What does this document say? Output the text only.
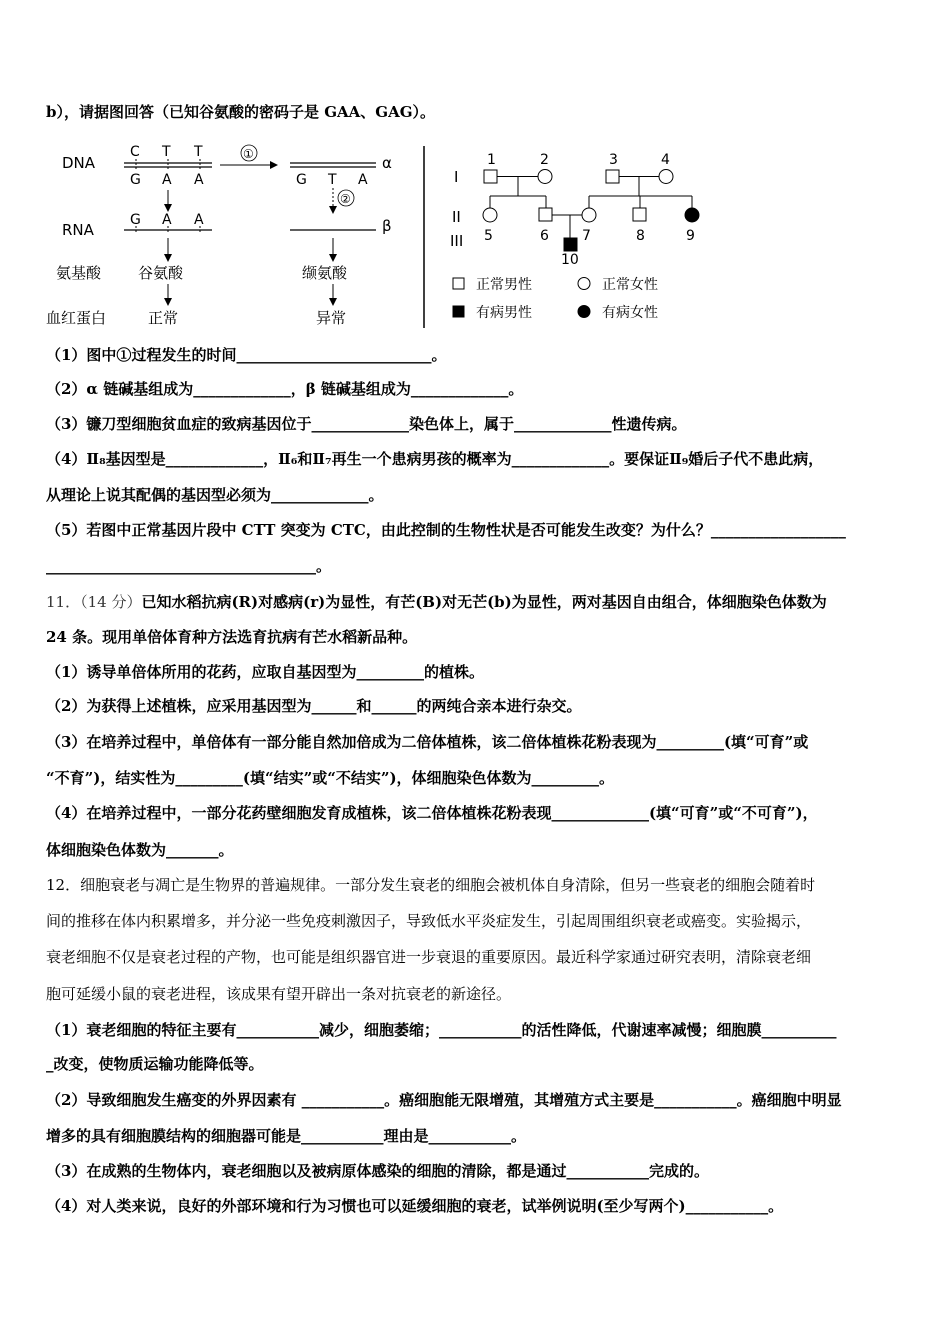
b），请据图回答（已知谷氨酸的密码子是 GAA、GAG）。
DNA
RNA
氨基酸
血红蛋白
C T T
G A A
G A A
谷氨酸
正常
①	α
G T A
②
β
缬氨酸
异常
I
II
III
1	2	3	4
5	6 7	8	9
10
正常男性	正常女性
有病男性	有病女性
（1）图中①过程发生的时间__________________________。
（2）α 链碱基组成为_____________，β 链碱基组成为_____________。
（3）镰刀型细胞贫血症的致病基因位于_____________染色体上，属于_____________性遗传病。
（4）Ⅱ₈基因型是_____________，Ⅱ₆和Ⅱ₇再生一个患病男孩的概率为_____________。要保证Ⅱ₉婚后子代不患此病，
从理论上说其配偶的基因型必须为_____________。
（5）若图中正常基因片段中 CTT 突变为 CTC，由此控制的生物性状是否可能发生改变？为什么？__________________
____________________________________。
11．（14 分）已知水稻抗病(R)对感病(r)为显性，有芒(B)对无芒(b)为显性，两对基因自由组合，体细胞染色体数为
24 条。现用单倍体育种方法选育抗病有芒水稻新品种。
（1）诱导单倍体所用的花药，应取自基因型为_________的植株。
（2）为获得上述植株，应采用基因型为______和______的两纯合亲本进行杂交。
（3）在培养过程中，单倍体有一部分能自然加倍成为二倍体植株，该二倍体植株花粉表现为_________(填“可育”或
“不育”)，结实性为_________(填“结实”或“不结实”)，体细胞染色体数为_________。
（4）在培养过程中，一部分花药壁细胞发育成植株，该二倍体植株花粉表现_____________(填“可育”或“不可育”)，
体细胞染色体数为_______。
12．细胞衰老与凋亡是生物界的普遍规律。一部分发生衰老的细胞会被机体自身清除，但另一些衰老的细胞会随着时
间的推移在体内积累增多，并分泌一些免疫刺激因子，导致低水平炎症发生，引起周围组织衰老或癌变。实验揭示，
衰老细胞不仅是衰老过程的产物，也可能是组织器官进一步衰退的重要原因。最近科学家通过研究表明，清除衰老细
胞可延缓小鼠的衰老进程，该成果有望开辟出一条对抗衰老的新途径。
（1）衰老细胞的特征主要有___________减少，细胞萎缩；___________的活性降低，代谢速率减慢；细胞膜__________
_改变，使物质运输功能降低等。
（2）导致细胞发生癌变的外界因素有 ___________。癌细胞能无限增殖，其增殖方式主要是___________。癌细胞中明显
增多的具有细胞膜结构的细胞器可能是___________理由是___________。
（3）在成熟的生物体内，衰老细胞以及被病原体感染的细胞的清除，都是通过___________完成的。
（4）对人类来说，良好的外部环境和行为习惯也可以延缓细胞的衰老，试举例说明(至少写两个)___________。
